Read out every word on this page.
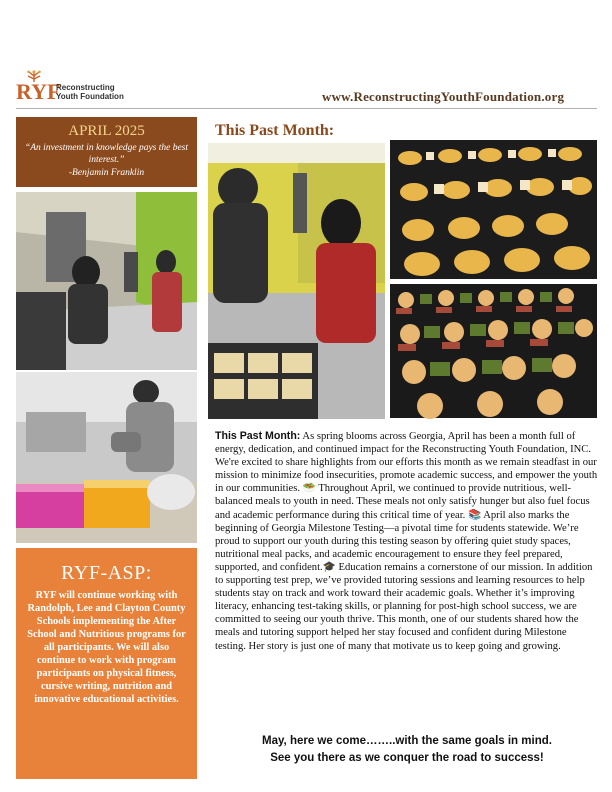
RYF
Reconstructing
Youth Foundation	www.ReconstructingYouthFoundation.org
APRIL 2025
“An investment in knowledge pays the best interest.”
-Benjamin Franklin
RYF-ASP:
RYF will continue working with Randolph, Lee and Clayton County Schools implementing the After School and Nutritious programs for all participants. We will also continue to work with program participants on physical fitness, cursive writing, nutrition and innovative educational activities.
This Past Month:
This Past Month: As spring blooms across Georgia, April has been a month full of energy, dedication, and continued impact for the Reconstructing Youth Foundation, INC. We're excited to share highlights from our efforts this month as we remain steadfast in our mission to minimize food insecurities, promote academic success, and empower the youth in our communities. 🥗 Throughout April, we continued to provide nutritious, well-balanced meals to youth in need. These meals not only satisfy hunger but also fuel focus and academic performance during this critical time of year. 📚 April also marks the beginning of Georgia Milestone Testing—a pivotal time for students statewide. We’re proud to support our youth during this testing season by offering quiet study spaces, nutritional meal packs, and academic encouragement to ensure they feel prepared, supported, and confident.🎓 Education remains a cornerstone of our mission. In addition to supporting test prep, we’ve provided tutoring sessions and learning resources to help students stay on track and work toward their academic goals. Whether it’s improving literacy, enhancing test-taking skills, or planning for post-high school success, we are committed to seeing our youth thrive. This month, one of our students shared how the meals and tutoring support helped her stay focused and confident during Milestone testing. Her story is just one of many that motivate us to keep going and growing.
May, here we come……..with the same goals in mind.
See you there as we conquer the road to success!
